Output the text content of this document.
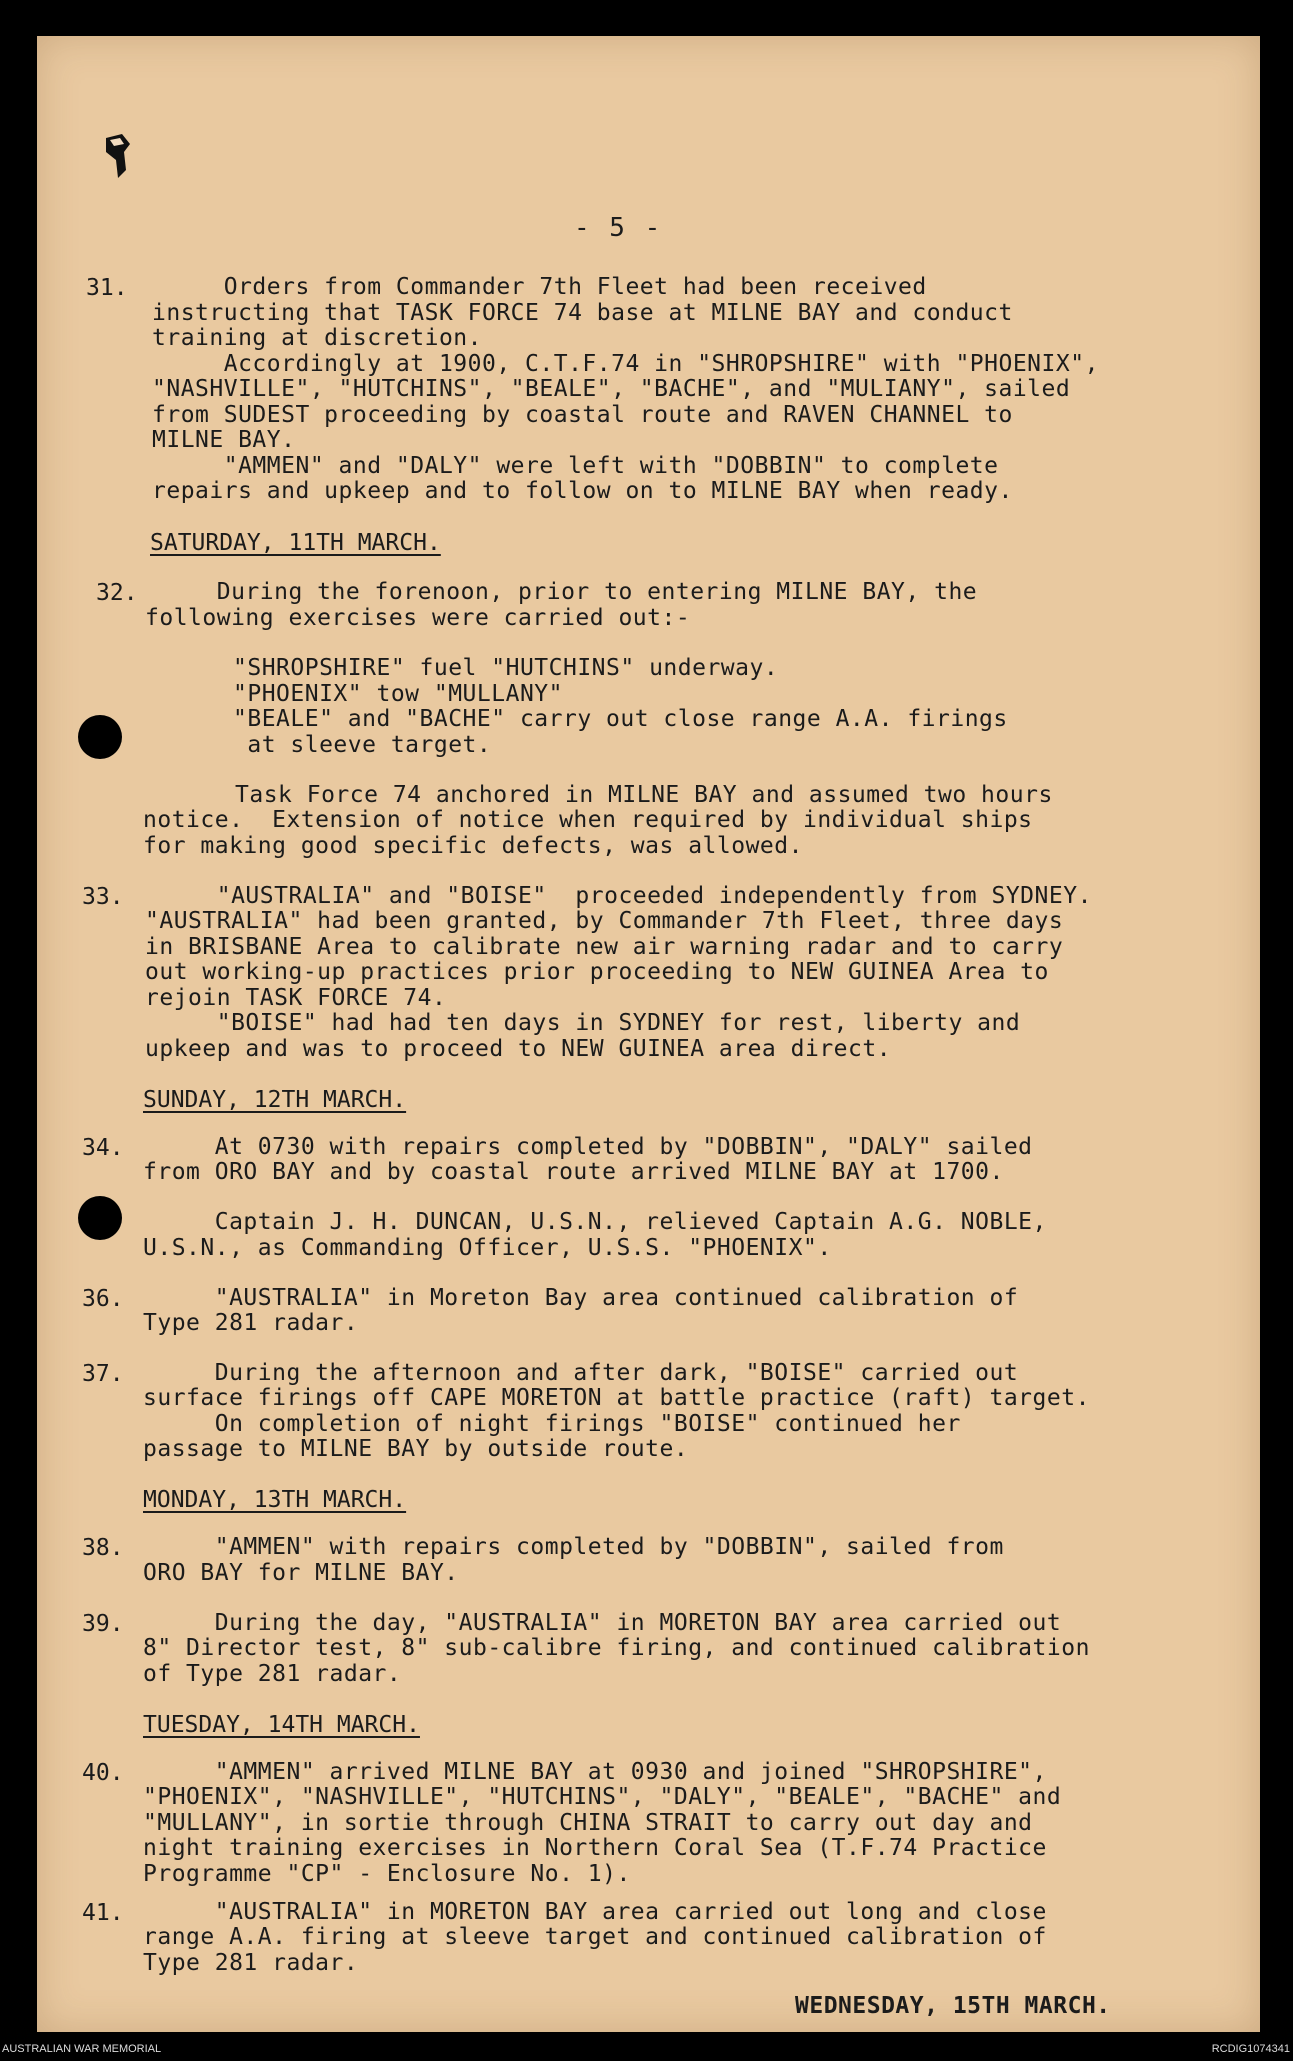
- 5 -
31. Orders from Commander 7th Fleet had been received
instructing that TASK FORCE 74 base at MILNE BAY and conduct
training at discretion.
Accordingly at 1900, C.T.F.74 in "SHROPSHIRE" with "PHOENIX",
"NASHVILLE", "HUTCHINS", "BEALE", "BACHE", and "MULIANY", sailed
from SUDEST proceeding by coastal route and RAVEN CHANNEL to
MILNE BAY.
"AMMEN" and "DALY" were left with "DOBBIN" to complete
repairs and upkeep and to follow on to MILNE BAY when ready.
SATURDAY, 11TH MARCH.
32. During the forenoon, prior to entering MILNE BAY, the
following exercises were carried out:-
"SHROPSHIRE" fuel "HUTCHINS" underway.
"PHOENIX" tow "MULLANY"
"BEALE" and "BACHE" carry out close range A.A. firings
at sleeve target.
Task Force 74 anchored in MILNE BAY and assumed two hours
notice.  Extension of notice when required by individual ships
for making good specific defects, was allowed.
33. "AUSTRALIA" and "BOISE"  proceeded independently from SYDNEY.
"AUSTRALIA" had been granted, by Commander 7th Fleet, three days
in BRISBANE Area to calibrate new air warning radar and to carry
out working-up practices prior proceeding to NEW GUINEA Area to
rejoin TASK FORCE 74.
"BOISE" had had ten days in SYDNEY for rest, liberty and
upkeep and was to proceed to NEW GUINEA area direct.
SUNDAY, 12TH MARCH.
34. At 0730 with repairs completed by "DOBBIN", "DALY" sailed
from ORO BAY and by coastal route arrived MILNE BAY at 1700.
Captain J. H. DUNCAN, U.S.N., relieved Captain A.G. NOBLE,
U.S.N., as Commanding Officer, U.S.S. "PHOENIX".
36. "AUSTRALIA" in Moreton Bay area continued calibration of
Type 281 radar.
37. During the afternoon and after dark, "BOISE" carried out
surface firings off CAPE MORETON at battle practice (raft) target.
On completion of night firings "BOISE" continued her
passage to MILNE BAY by outside route.
MONDAY, 13TH MARCH.
38. "AMMEN" with repairs completed by "DOBBIN", sailed from
ORO BAY for MILNE BAY.
39. During the day, "AUSTRALIA" in MORETON BAY area carried out
8" Director test, 8" sub-calibre firing, and continued calibration
of Type 281 radar.
TUESDAY, 14TH MARCH.
40. "AMMEN" arrived MILNE BAY at 0930 and joined "SHROPSHIRE",
"PHOENIX", "NASHVILLE", "HUTCHINS", "DALY", "BEALE", "BACHE" and
"MULLANY", in sortie through CHINA STRAIT to carry out day and
night training exercises in Northern Coral Sea (T.F.74 Practice
Programme "CP" - Enclosure No. 1).
41. "AUSTRALIA" in MORETON BAY area carried out long and close
range A.A. firing at sleeve target and continued calibration of
Type 281 radar.
WEDNESDAY, 15TH MARCH.
AUSTRALIAN WAR MEMORIAL	RCDIG1074341
